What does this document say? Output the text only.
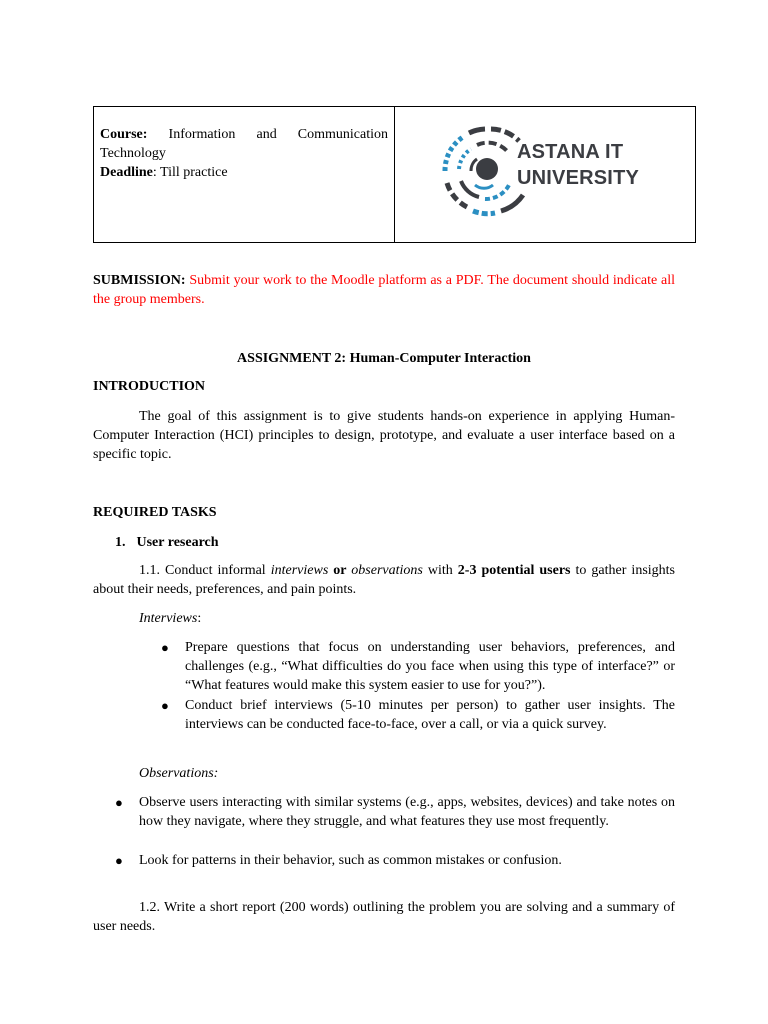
Course: Information and Communication Technology
Deadline: Till practice
ASTANA IT
UNIVERSITY
SUBMISSION: Submit your work to the Moodle platform as a PDF. The document should indicate all the group members.
ASSIGNMENT 2: Human-Computer Interaction
INTRODUCTION
The goal of this assignment is to give students hands-on experience in applying Human-Computer Interaction (HCI) principles to design, prototype, and evaluate a user interface based on a specific topic.
REQUIRED TASKS
1. User research
1.1. Conduct informal interviews or observations with 2-3 potential users to gather insights about their needs, preferences, and pain points.
Interviews:
● Prepare questions that focus on understanding user behaviors, preferences, and challenges (e.g., “What difficulties do you face when using this type of interface?” or “What features would make this system easier to use for you?”).
● Conduct brief interviews (5-10 minutes per person) to gather user insights. The interviews can be conducted face-to-face, over a call, or via a quick survey.
Observations:
● Observe users interacting with similar systems (e.g., apps, websites, devices) and take notes on how they navigate, where they struggle, and what features they use most frequently.
● Look for patterns in their behavior, such as common mistakes or confusion.
1.2. Write a short report (200 words) outlining the problem you are solving and a summary of user needs.
